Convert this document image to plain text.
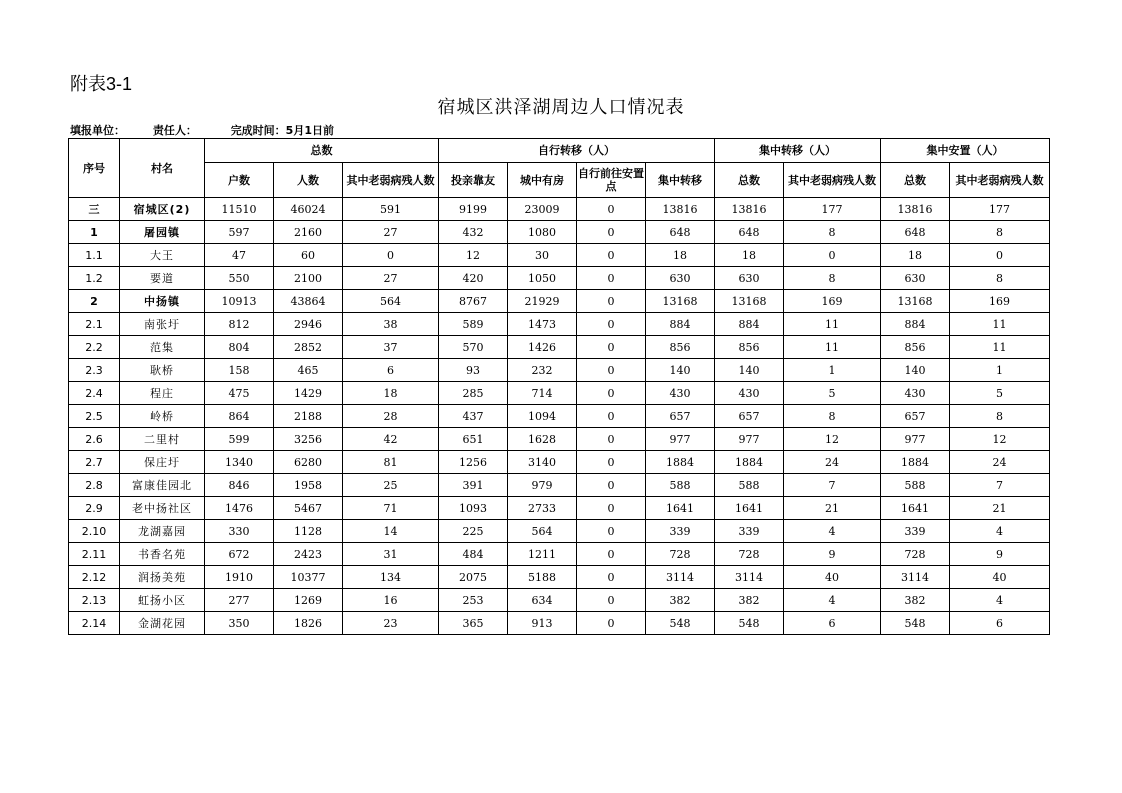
附表3-1
宿城区洪泽湖周边人口情况表
填报单位：	责任人：	完成时间：5月1日前
序号	村名	总数			自行转移（人）				集中转移（人）		集中安置（人）	
		户数	人数	其中老弱病残人数	投亲靠友	城中有房	自行前往安置点	集中转移	总数	其中老弱病残人数	总数	其中老弱病残人数
三	宿城区(2)	11510	46024	591	9199	23009	0	13816	13816	177	13816	177
1	屠园镇	597	2160	27	432	1080	0	648	648	8	648	8
1.1	大王	47	60	0	12	30	0	18	18	0	18	0
1.2	要道	550	2100	27	420	1050	0	630	630	8	630	8
2	中扬镇	10913	43864	564	8767	21929	0	13168	13168	169	13168	169
2.1	南张圩	812	2946	38	589	1473	0	884	884	11	884	11
2.2	范集	804	2852	37	570	1426	0	856	856	11	856	11
2.3	耿桥	158	465	6	93	232	0	140	140	1	140	1
2.4	程庄	475	1429	18	285	714	0	430	430	5	430	5
2.5	岭桥	864	2188	28	437	1094	0	657	657	8	657	8
2.6	二里村	599	3256	42	651	1628	0	977	977	12	977	12
2.7	保庄圩	1340	6280	81	1256	3140	0	1884	1884	24	1884	24
2.8	富康佳园北	846	1958	25	391	979	0	588	588	7	588	7
2.9	老中扬社区	1476	5467	71	1093	2733	0	1641	1641	21	1641	21
2.10	龙湖嘉园	330	1128	14	225	564	0	339	339	4	339	4
2.11	书香名苑	672	2423	31	484	1211	0	728	728	9	728	9
2.12	润扬美苑	1910	10377	134	2075	5188	0	3114	3114	40	3114	40
2.13	虹扬小区	277	1269	16	253	634	0	382	382	4	382	4
2.14	金湖花园	350	1826	23	365	913	0	548	548	6	548	6
